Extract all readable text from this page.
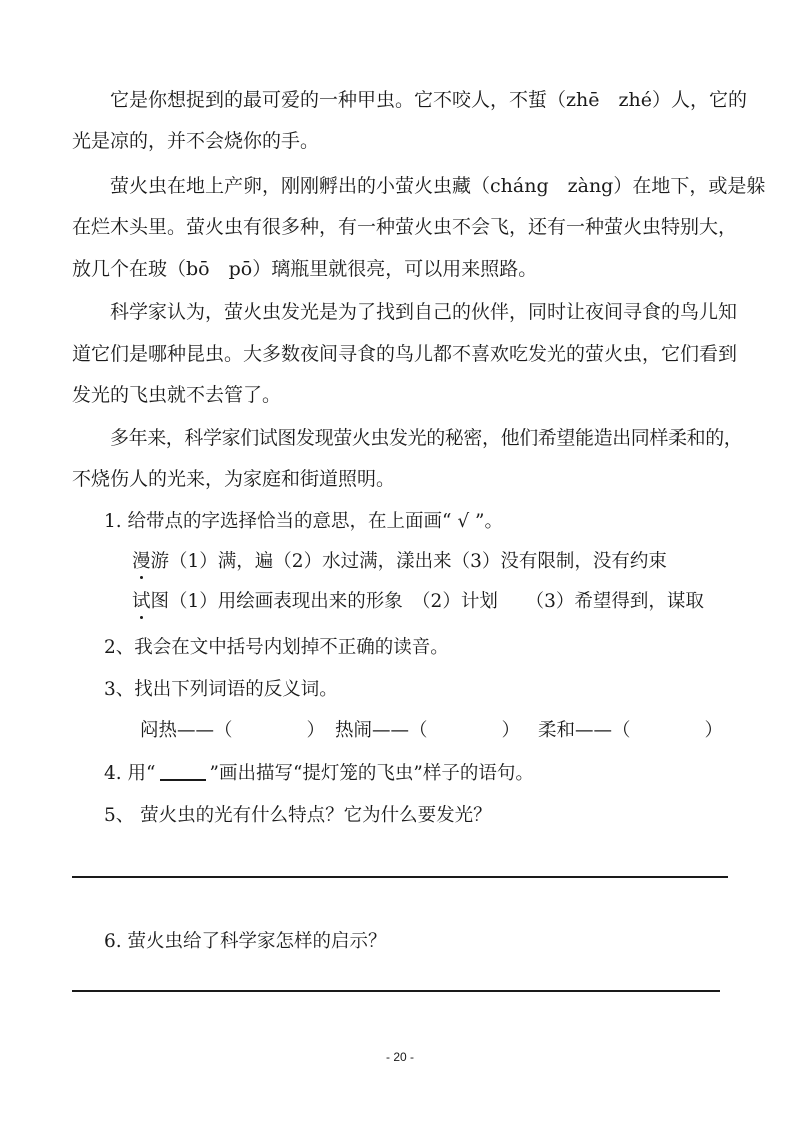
它是你想捉到的最可爱的一种甲虫。它不咬人，不蜇（zhē　zhé）人，它的
光是凉的，并不会烧你的手。
萤火虫在地上产卵，刚刚孵出的小萤火虫藏（cháng　zàng）在地下，或是躲
在烂木头里。萤火虫有很多种，有一种萤火虫不会飞，还有一种萤火虫特别大，
放几个在玻（bō　pō）璃瓶里就很亮，可以用来照路。
科学家认为，萤火虫发光是为了找到自己的伙伴，同时让夜间寻食的鸟儿知
道它们是哪种昆虫。大多数夜间寻食的鸟儿都不喜欢吃发光的萤火虫，它们看到
发光的飞虫就不去管了。
多年来，科学家们试图发现萤火虫发光的秘密，他们希望能造出同样柔和的，
不烧伤人的光来，为家庭和街道照明。
1. 给带点的字选择恰当的意思，在上面画“ √ ”。
漫游（1）满，遍（2）水过满，漾出来（3）没有限制，没有约束
试图（1）用绘画表现出来的形象　（2）计划　　（3）希望得到，谋取
2、我会在文中括号内划掉不正确的读音。
3、找出下列词语的反义词。
闷热——（　　　　） 热闹——（　　　　） 柔和——（　　　　）
4. 用“	”画出描写“提灯笼的飞虫”样子的语句。
5、 萤火虫的光有什么特点？它为什么要发光？
6. 萤火虫给了科学家怎样的启示？
- 20 -
